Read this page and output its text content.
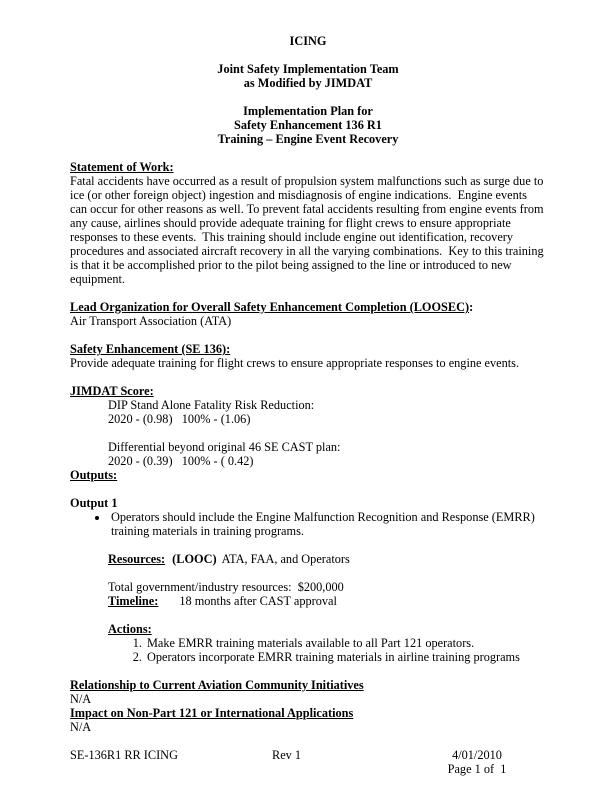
ICING

Joint Safety Implementation Team

as Modified by JIMDAT

Implementation Plan for

Safety Enhancement 136 R1

Training – Engine Event Recovery

Statement of Work:

Fatal accidents have occurred as a result of propulsion system malfunctions such as surge due to ice (or other foreign object) ingestion and misdiagnosis of engine indications.  Engine events can occur for other reasons as well. To prevent fatal accidents resulting from engine events from any cause, airlines should provide adequate training for flight crews to ensure appropriate responses to these events.  This training should include engine out identification, recovery procedures and associated aircraft recovery in all the varying combinations.  Key to this training is that it be accomplished prior to the pilot being assigned to the line or introduced to new equipment.

Lead Organization for Overall Safety Enhancement Completion (LOOSEC):

Air Transport Association (ATA)

Safety Enhancement (SE 136):

Provide adequate training for flight crews to ensure appropriate responses to engine events.

JIMDAT Score:

DIP Stand Alone Fatality Risk Reduction:

2020 - (0.98)   100% - (1.06)

Differential beyond original 46 SE CAST plan:

2020 - (0.39)   100% - ( 0.42)

Outputs:

Output 1

• Operators should include the Engine Malfunction Recognition and Response (EMRR) training materials in training programs.

Resources: (LOOC) ATA, FAA, and Operators

Total government/industry resources:  $200,000

Timeline: 18 months after CAST approval

Actions:

1. Make EMRR training materials available to all Part 121 operators.
2. Operators incorporate EMRR training materials in airline training programs

Relationship to Current Aviation Community Initiatives

N/A

Impact on Non-Part 121 or International Applications

N/A

SE-136R1 RR ICING	Rev 1	4/01/2010
Page 1 of  1
